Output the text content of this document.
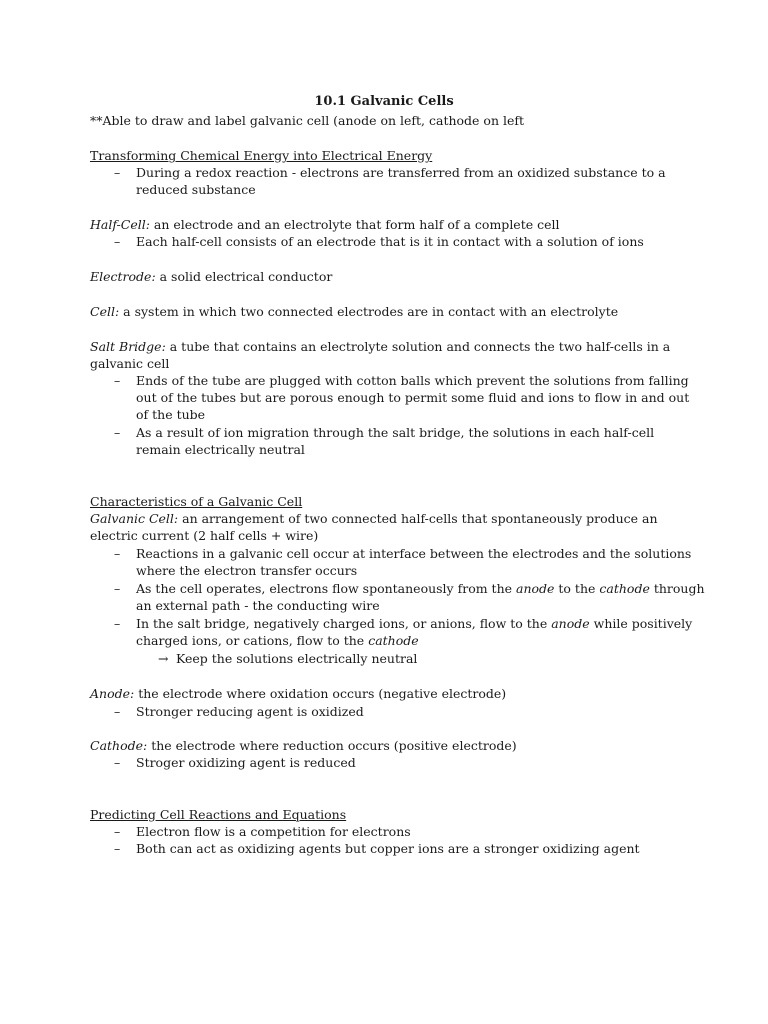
10.1 Galvanic Cells
**Able to draw and label galvanic cell (anode on left, cathode on left
Transforming Chemical Energy into Electrical Energy
– During a redox reaction - electrons are transferred from an oxidized substance to a
reduced substance
Half-Cell: an electrode and an electrolyte that form half of a complete cell
– Each half-cell consists of an electrode that is it in contact with a solution of ions
Electrode: a solid electrical conductor
Cell: a system in which two connected electrodes are in contact with an electrolyte
Salt Bridge: a tube that contains an electrolyte solution and connects the two half-cells in a
galvanic cell
– Ends of the tube are plugged with cotton balls which prevent the solutions from falling
out of the tubes but are porous enough to permit some fluid and ions to flow in and out
of the tube
– As a result of ion migration through the salt bridge, the solutions in each half-cell
remain electrically neutral
Characteristics of a Galvanic Cell
Galvanic Cell: an arrangement of two connected half-cells that spontaneously produce an
electric current (2 half cells + wire)
– Reactions in a galvanic cell occur at interface between the electrodes and the solutions
where the electron transfer occurs
– As the cell operates, electrons flow spontaneously from the anode to the cathode through
an external path - the conducting wire
– In the salt bridge, negatively charged ions, or anions, flow to the anode while positively
charged ions, or cations, flow to the cathode
→ Keep the solutions electrically neutral
Anode: the electrode where oxidation occurs (negative electrode)
– Stronger reducing agent is oxidized
Cathode: the electrode where reduction occurs (positive electrode)
– Stroger oxidizing agent is reduced
Predicting Cell Reactions and Equations
– Electron flow is a competition for electrons
– Both can act as oxidizing agents but copper ions are a stronger oxidizing agent
